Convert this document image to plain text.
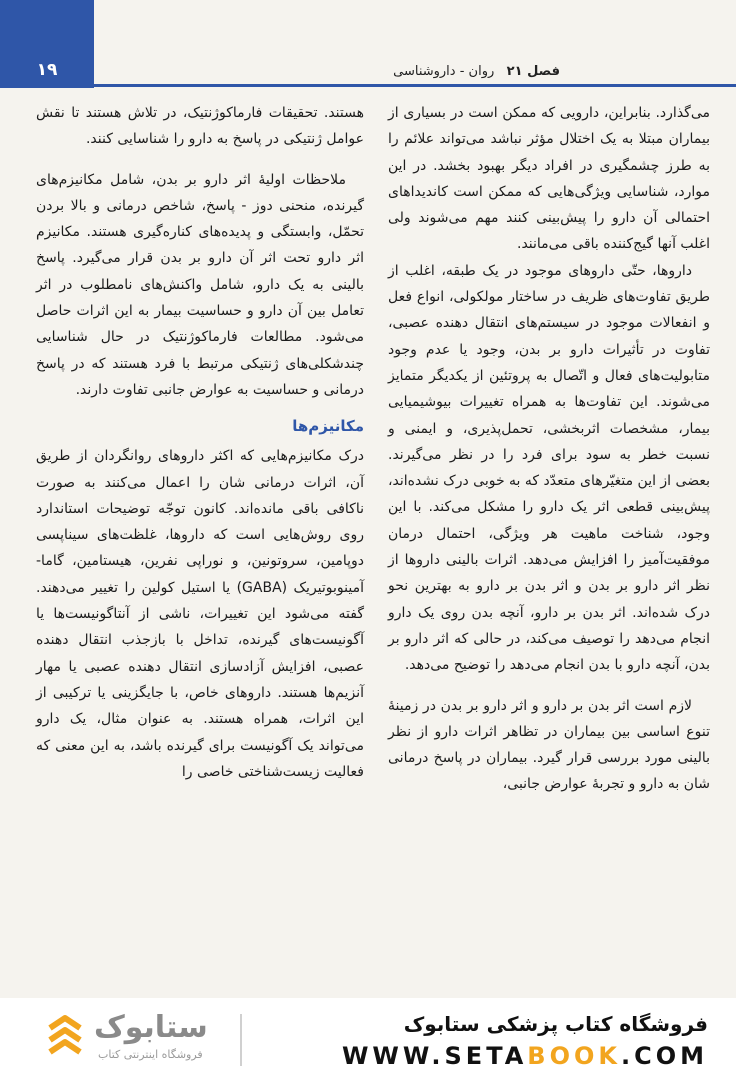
۱۹	فصل ۲۱   روان - داروشناسی

می‌گذارد. بنابراین، دارویی که ممکن است در بسیاری از بیماران مبتلا به یک اختلال مؤثر نباشد می‌تواند علائم را به طرز چشمگیری در افراد دیگر بهبود بخشد. در این موارد، شناسایی ویژگی‌هایی که ممکن است کاندیداهای احتمالی آن دارو را پیش‌بینی کنند مهم می‌شوند ولی اغلب آنها گیج‌کننده باقی می‌مانند.

داروها، حتّی داروهای موجود در یک طبقه، اغلب از طریق تفاوت‌های ظریف در ساختار مولکولی، انواع فعل و انفعالات موجود در سیستم‌های انتقال دهنده عصبی، تفاوت در تأثیرات دارو بر بدن، وجود یا عدم وجود متابولیت‌های فعال و اتّصال به پروتئین از یکدیگر متمایز می‌شوند. این تفاوت‌ها به همراه تغییرات بیوشیمیایی بیمار، مشخصات اثربخشی، تحمل‌پذیری، و ایمنی و نسبت خطر به سود برای فرد را در نظر می‌گیرند. بعضی از این متغیّرهای متعدّد که به خوبی درک نشده‌اند، پیش‌بینی قطعی اثر یک دارو را مشکل می‌کند. با این وجود، شناخت ماهیت هر ویژگی، احتمال درمان موفقیت‌آمیز را افزایش می‌دهد. اثرات بالینی داروها از نظر اثر دارو بر بدن و اثر بدن بر دارو به بهترین نحو درک شده‌اند. اثر بدن بر دارو، آنچه بدن روی یک دارو انجام می‌دهد را توصیف می‌کند، در حالی که اثر دارو بر بدن، آنچه دارو با بدن انجام می‌دهد را توضیح می‌دهد.

لازم است اثر بدن بر دارو و اثر دارو بر بدن در زمینهٔ تنوع اساسی بین بیماران در تظاهر اثرات دارو از نظر بالینی مورد بررسی قرار گیرد. بیماران در پاسخ درمانی شان به دارو و تجربهٔ عوارض جانبی،

هستند. تحقیقات فارماکوژنتیک، در تلاش هستند تا نقش عوامل ژنتیکی در پاسخ به دارو را شناسایی کنند.

ملاحظات اولیهٔ اثر دارو بر بدن، شامل مکانیزم‌های گیرنده، منحنی دوز - پاسخ، شاخص درمانی و بالا بردن تحمّل، وابستگی و پدیده‌های کناره‌گیری هستند. مکانیزم اثر دارو تحت اثر آن دارو بر بدن قرار می‌گیرد. پاسخ بالینی به یک دارو، شامل واکنش‌های نامطلوب در اثر تعامل بین آن دارو و حساسیت بیمار به این اثرات حاصل می‌شود. مطالعات فارماکوژنتیک در حال شناسایی چندشکلی‌های ژنتیکی مرتبط با فرد هستند که در پاسخ درمانی و حساسیت به عوارض جانبی تفاوت دارند.

مکانیزم‌ها

درک مکانیزم‌هایی که اکثر داروهای روانگردان از طریق آن، اثرات درمانی شان را اعمال می‌کنند به صورت ناکافی باقی مانده‌اند. کانون توجّه توضیحات استاندارد روی روش‌هایی است که داروها، غلظت‌های سیناپسی دوپامین، سروتونین، و نوراپی نفرین، هیستامین، گاما-آمینوبوتیریک (GABA) یا استیل کولین را تغییر می‌دهند. گفته می‌شود این تغییرات، ناشی از آنتاگونیست‌ها یا آگونیست‌های گیرنده، تداخل با بازجذب انتقال دهنده عصبی، افزایش آزادسازی انتقال دهنده عصبی یا مهار آنزیم‌ها هستند. داروهای خاص، با جایگزینی یا ترکیبی از این اثرات، همراه هستند. به عنوان مثال، یک دارو می‌تواند یک آگونیست برای گیرنده باشد، به این معنی که فعالیت زیست‌شناختی خاصی را

ستابوک
فروشگاه اینترنتی کتاب
فروشگاه کتاب پزشکی ستابوک
WWW.SETABOOK.COM
